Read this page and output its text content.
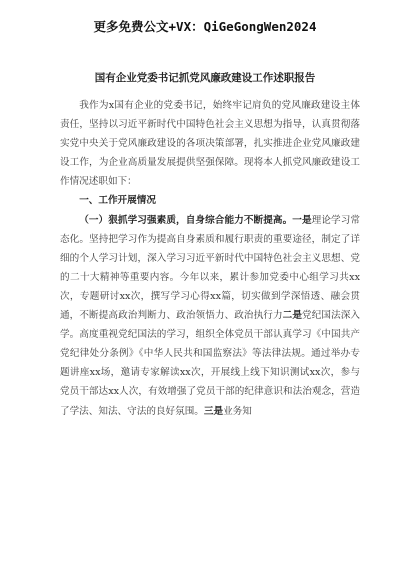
更多免费公文+VX：QiGeGongWen2024
国有企业党委书记抓党风廉政建设工作述职报告

我作为x国有企业的党委书记，始终牢记肩负的党风廉政建设主体责任，坚持以习近平新时代中国特色社会主义思想为指导，认真贯彻落实党中央关于党风廉政建设的各项决策部署，扎实推进企业党风廉政建设工作，为企业高质量发展提供坚强保障。现将本人抓党风廉政建设工作情况述职如下：

一、工作开展情况

（一）狠抓学习强素质，自身综合能力不断提高。一是理论学习常态化。坚持把学习作为提高自身素质和履行职责的重要途径，制定了详细的个人学习计划，深入学习习近平新时代中国特色社会主义思想、党的二十大精神等重要内容。今年以来，累计参加党委中心组学习共xx次，专题研讨xx次，撰写学习心得xx篇，切实做到学深悟透、融会贯通，不断提高政治判断力、政治领悟力、政治执行力二是党纪国法深入学。高度重视党纪国法的学习，组织全体党员干部认真学习《中国共产党纪律处分条例》《中华人民共和国监察法》等法律法规。通过举办专题讲座xx场，邀请专家解读xx次，开展线上线下知识测试xx次，参与党员干部达xx人次，有效增强了党员干部的纪律意识和法治观念，营造了学法、知法、守法的良好氛围。三是业务知
